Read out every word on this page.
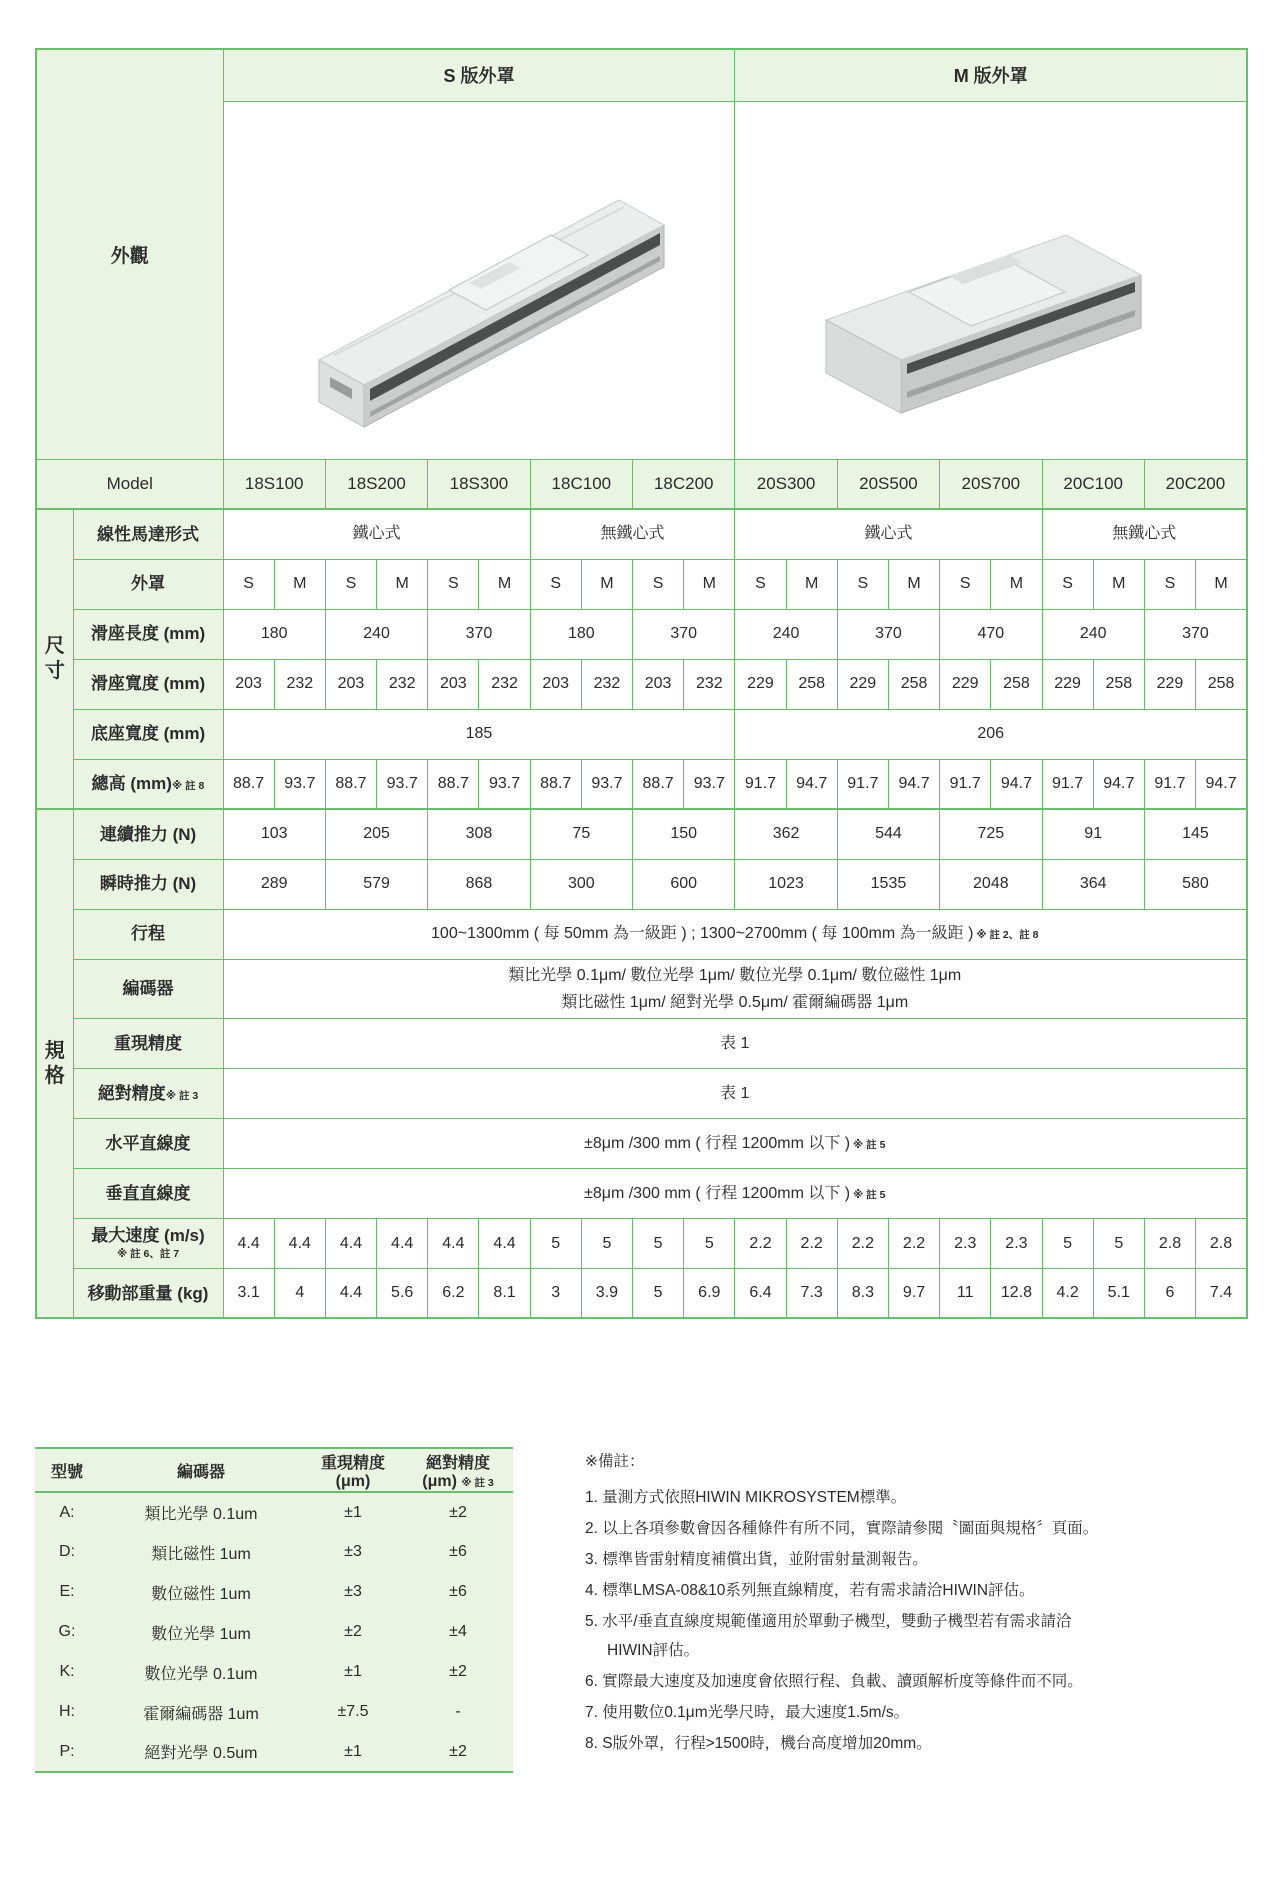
外觀		S 版外罩										M 版外罩									

Model		18S100		18S200		18S300		18C100		18C200		20S300		20S500		20S700		20C100		20C200	
尺寸	線性馬達形式	鐵心式						無鐵心式				鐵心式						無鐵心式			
	外罩	S	M	S	M	S	M	S	M	S	M	S	M	S	M	S	M	S	M	S	M
	滑座長度 (mm)	180		240		370		180		370		240		370		470		240		370	
	滑座寬度 (mm)	203	232	203	232	203	232	203	232	203	232	229	258	229	258	229	258	229	258	229	258
	底座寬度 (mm)	185										206									
	總高 (mm)※ 註 8	88.7	93.7	88.7	93.7	88.7	93.7	88.7	93.7	88.7	93.7	91.7	94.7	91.7	94.7	91.7	94.7	91.7	94.7	91.7	94.7
規格	連續推力 (N)	103		205		308		75		150		362		544		725		91		145	
	瞬時推力 (N)	289		579		868		300		600		1023		1535		2048		364		580	
	行程	100~1300mm ( 每 50mm 為一級距 ) ; 1300~2700mm ( 每 100mm 為一級距 ) ※ 註 2、註 8																			
	編碼器	類比光學 0.1μm/ 數位光學 1μm/ 數位光學 0.1μm/ 數位磁性 1μm
類比磁性 1μm/ 絕對光學 0.5μm/ 霍爾編碼器 1μm																			

	重現精度	表 1																			
	絕對精度※ 註 3	表 1																			
	水平直線度	±8μm /300 mm ( 行程 1200mm 以下 ) ※ 註 5																			
	垂直直線度	±8μm /300 mm ( 行程 1200mm 以下 ) ※ 註 5																			
	最大速度 (m/s)
※ 註 6、註 7	4.4	4.4	4.4	4.4	4.4	4.4	5	5	5	5	2.2	2.2	2.2	2.2	2.3	2.3	5	5	2.8	2.8
	移動部重量 (kg)	3.1	4	4.4	5.6	6.2	8.1	3	3.9	5	6.9	6.4	7.3	8.3	9.7	11	12.8	4.2	5.1	6	7.4
型號	編碼器	重現精度 (μm)	絕對精度 (μm) ※ 註 3
A:	類比光學 0.1um	±1	±2
D:	類比磁性 1um	±3	±6
E:	數位磁性 1um	±3	±6
G:	數位光學 1um	±2	±4
K:	數位光學 0.1um	±1	±2
H:	霍爾編碼器 1um	±7.5	-
P:	絕對光學 0.5um	±1	±2
※備註：
1. 量測方式依照HIWIN MIKROSYSTEM標準。
2. 以上各項參數會因各種條件有所不同，實際請參閱〝圖面與規格〞頁面。
3. 標準皆雷射精度補償出貨，並附雷射量測報告。
4. 標準LMSA-08&10系列無直線精度，若有需求請洽HIWIN評估。
5. 水平/垂直直線度規範僅適用於單動子機型，雙動子機型若有需求請洽 HIWIN評估。
6. 實際最大速度及加速度會依照行程、負載、讀頭解析度等條件而不同。
7. 使用數位0.1μm光學尺時，最大速度1.5m/s。
8. S版外罩，行程>1500時，機台高度增加20mm。
